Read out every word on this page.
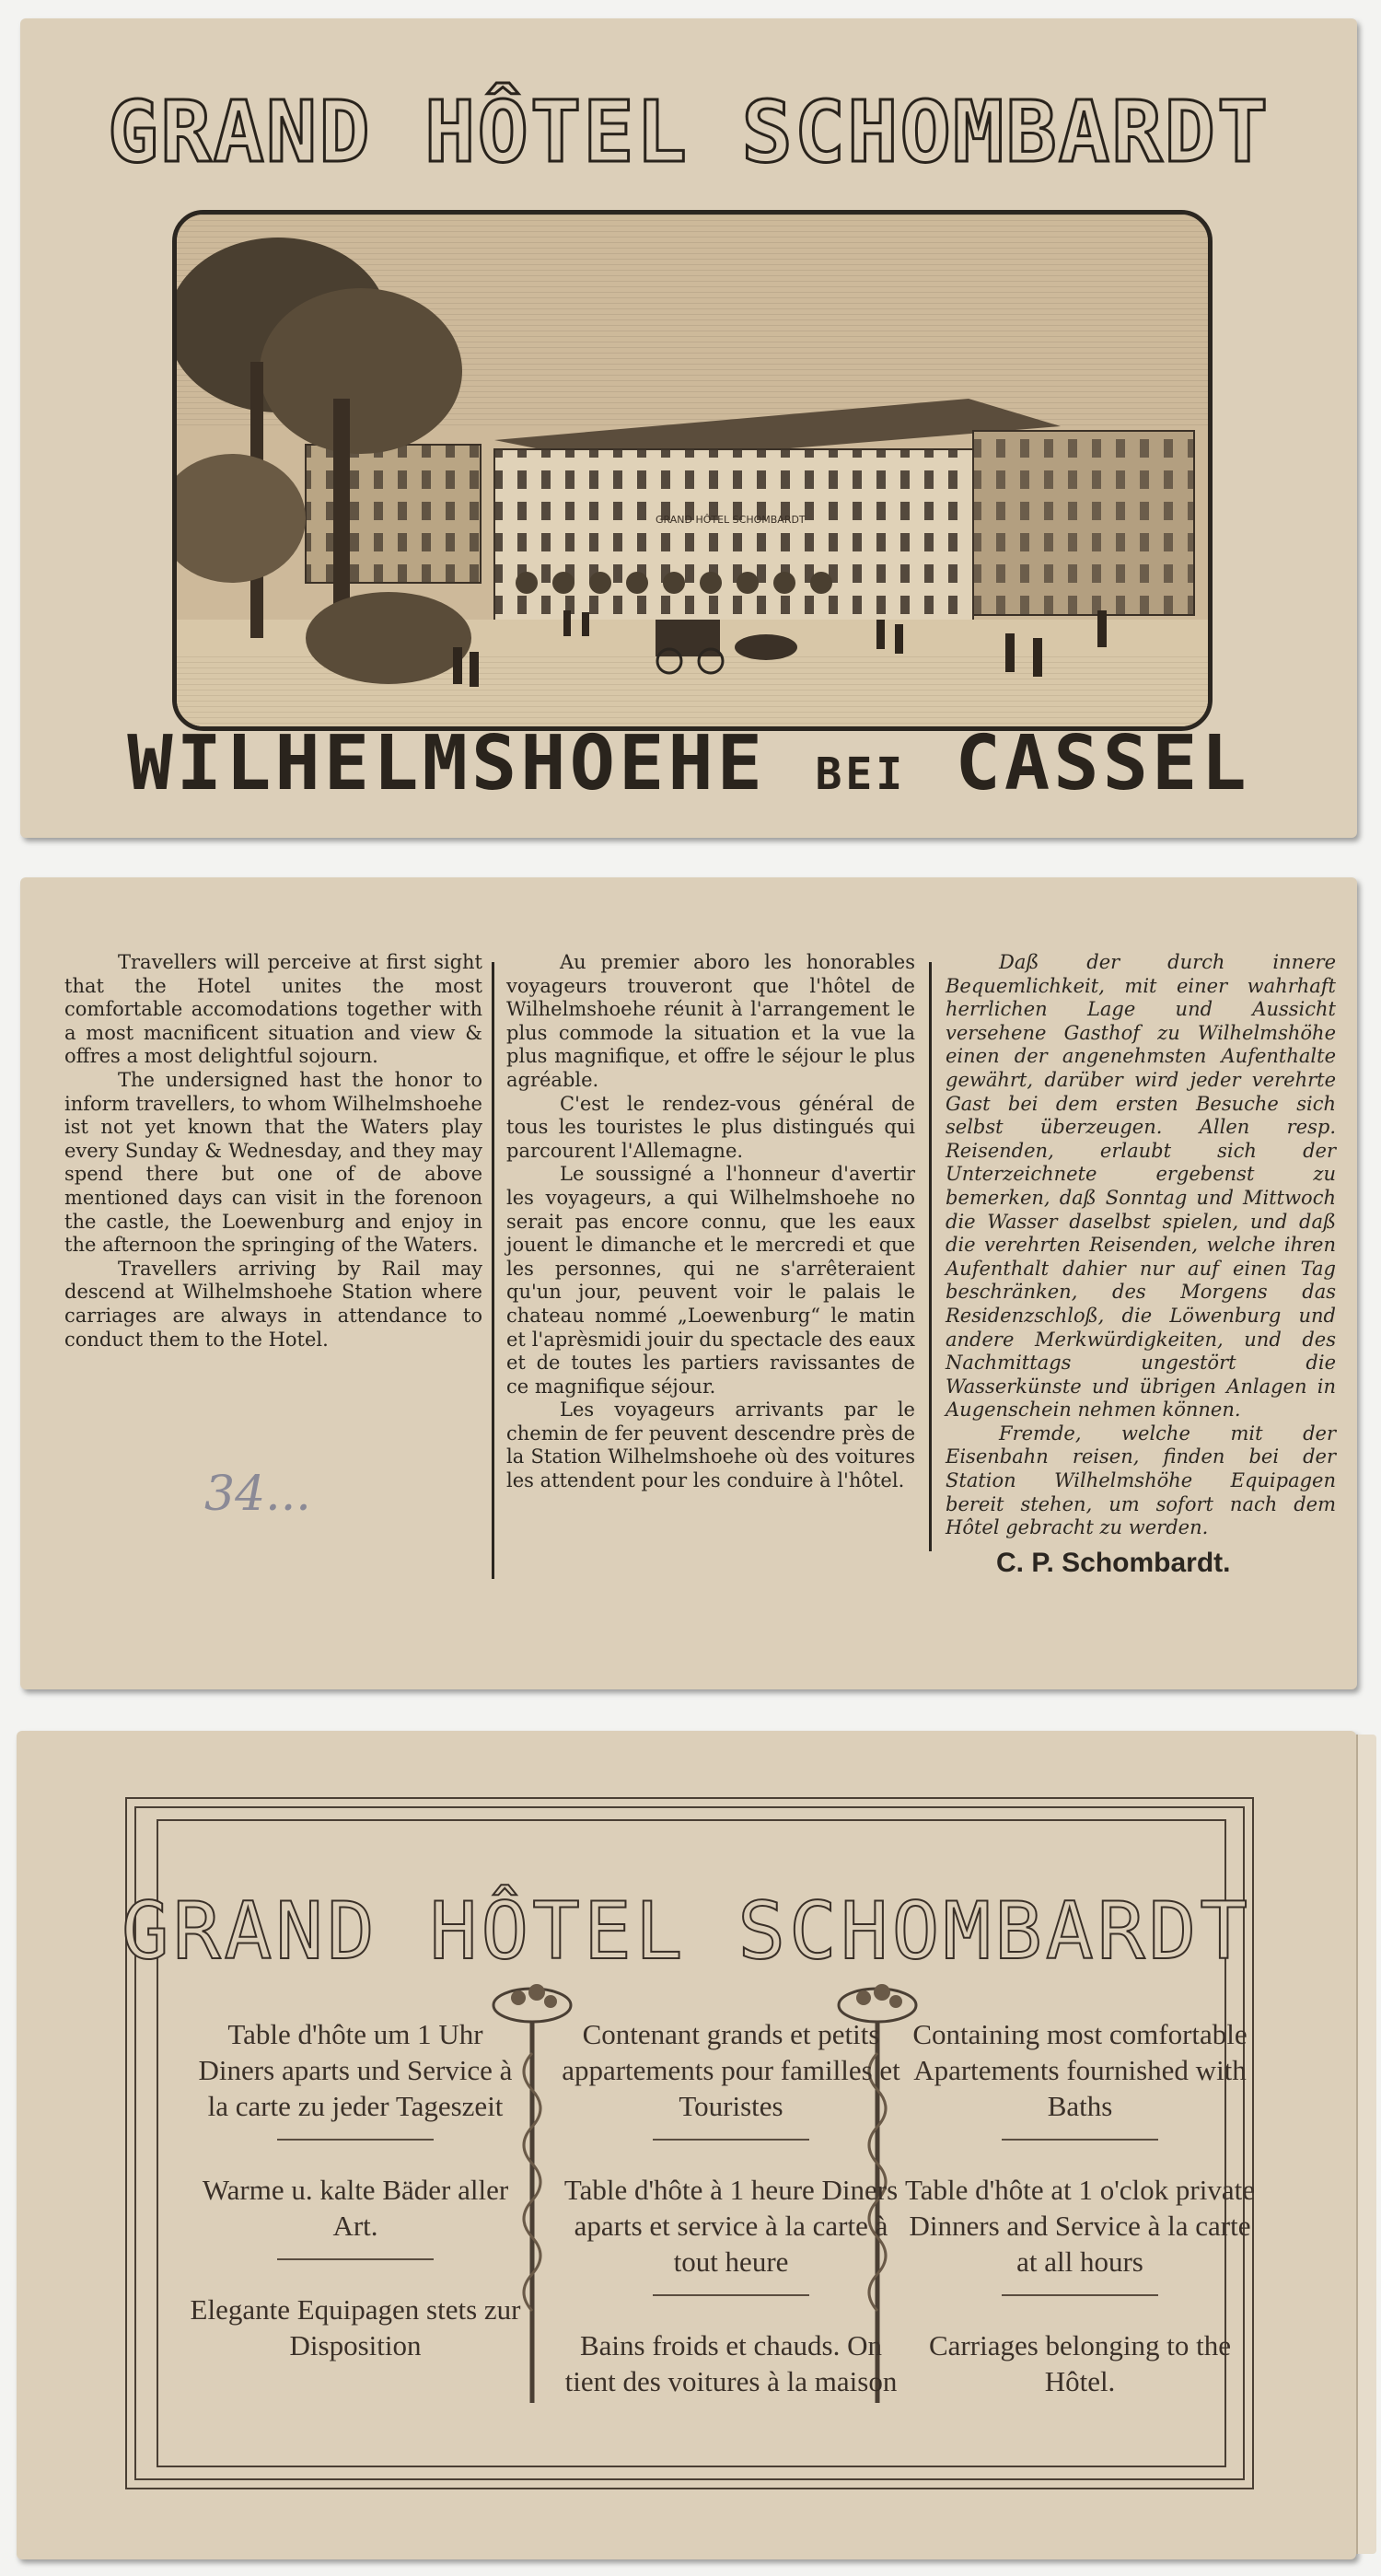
GRAND HÔTEL SCHOMBARDT
GRAND HÔTEL SCHOMBARDT
WILHELMSHOEHE BEI CASSEL

Travellers will perceive at first sight that the Hotel unites the most comfortable accomodations together with a most macnificent situation and view & offres a most delightful sojourn.

The undersigned hast the honor to inform travellers, to whom Wilhelmshoehe ist not yet known that the Waters play every Sunday & Wednesday, and they may spend there but one of de above mentioned days can visit in the forenoon the castle, the Loewenburg and enjoy in the afternoon the springing of the Waters.

Travellers arriving by Rail may descend at Wilhelmshoehe Station where carriages are always in attendance to conduct them to the Hotel.

Au premier aboro les honorables voyageurs trouveront que l'hôtel de Wilhelmshoehe réunit à l'arrangement le plus commode la situation et la vue la plus magnifique, et offre le séjour le plus agréable.

C'est le rendez-vous général de tous les touristes le plus distingués qui parcourent l'Allemagne.

Le soussigné a l'honneur d'avertir les voyageurs, a qui Wilhelmshoehe no serait pas encore connu, que les eaux jouent le dimanche et le mercredi et que les personnes, qui ne s'arrêteraient qu'un jour, peuvent voir le palais le chateau nommé „Loewenburg“ le matin et l'aprèsmidi jouir du spectacle des eaux et de toutes les partiers ravissantes de ce magnifique séjour.

Les voyageurs arrivants par le chemin de fer peuvent descendre près de la Station Wilhelmshoehe où des voitures les attendent pour les conduire à l'hôtel.

Daß der durch innere Bequemlichkeit, mit einer wahrhaft herrlichen Lage und Aussicht versehene Gasthof zu Wilhelmshöhe einen der angenehmsten Aufenthalte gewährt, darüber wird jeder verehrte Gast bei dem ersten Besuche sich selbst überzeugen. Allen resp. Reisenden, erlaubt sich der Unterzeichnete ergebenst zu bemerken, daß Sonntag und Mittwoch die Wasser daselbst spielen, und daß die verehrten Reisenden, welche ihren Aufenthalt dahier nur auf einen Tag beschränken, des Morgens das Residenzschloß, die Löwenburg und andere Merkwürdigkeiten, und des Nachmittags ungestört die Wasserkünste und übrigen Anlagen in Augenschein nehmen können.

Fremde, welche mit der Eisenbahn reisen, finden bei der Station Wilhelmshöhe Equipagen bereit stehen, um sofort nach dem Hôtel gebracht zu werden.

34...
C. P. Schombardt.
GRAND HÔTEL SCHOMBARDT
Table d'hôte um 1 Uhr Diners aparts und Service à la carte zu jeder Tageszeit
Warme u. kalte Bäder aller Art.
Elegante Equipagen stets zur Disposition
Contenant grands et petits appartements pour familles et Touristes
Table d'hôte à 1 heure Diners aparts et service à la carte à tout heure
Bains froids et chauds. On tient des voitures à la maison
Containing most comfortable Apartements fournished with Baths
Table d'hôte at 1 o'clok private Dinners and Service à la carte at all hours
Carriages belonging to the Hôtel.
